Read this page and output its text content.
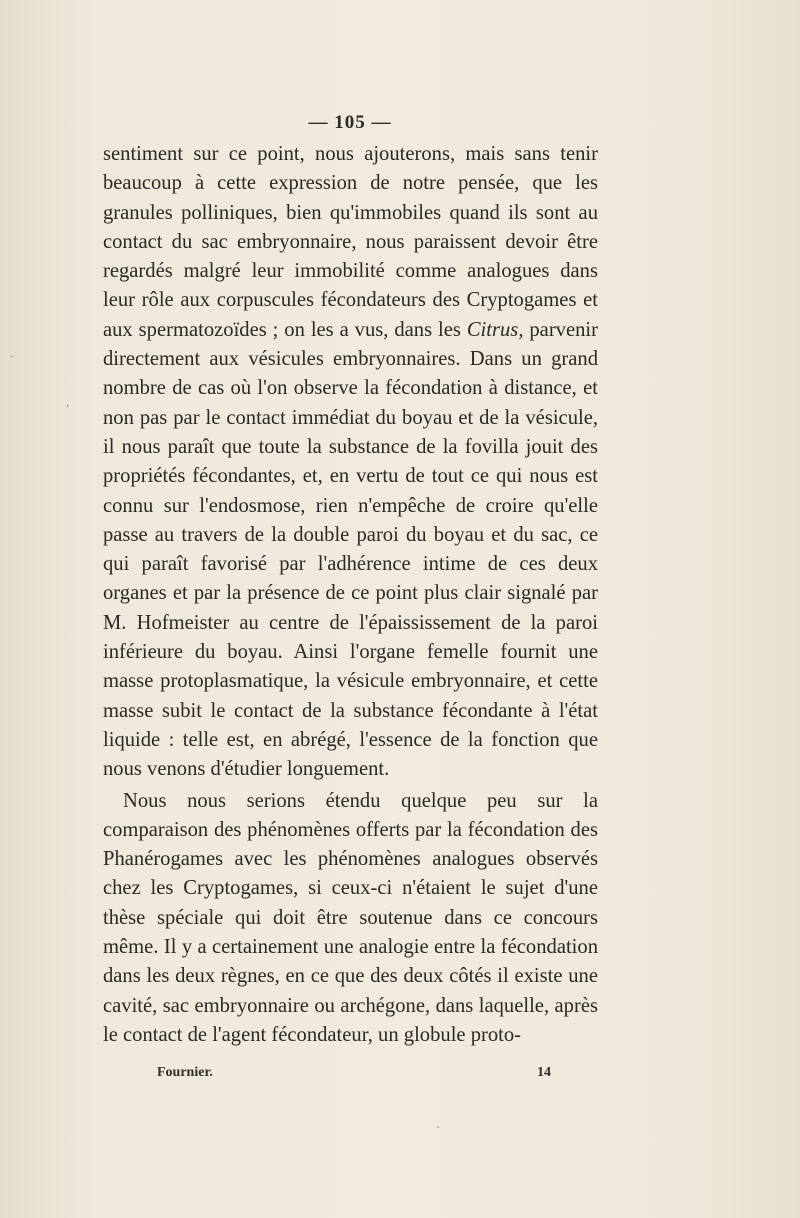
— 105 —

sentiment sur ce point, nous ajouterons, mais sans tenir beaucoup à cette expression de notre pensée, que les granules polliniques, bien qu'immobiles quand ils sont au contact du sac embryonnaire, nous paraissent devoir être regardés malgré leur immobilité comme analogues dans leur rôle aux corpuscules fécondateurs des Cryptogames et aux spermatozoïdes ; on les a vus, dans les Citrus, parvenir directement aux vésicules embryonnaires. Dans un grand nombre de cas où l'on observe la fécondation à distance, et non pas par le contact immédiat du boyau et de la vésicule, il nous paraît que toute la substance de la fovilla jouit des propriétés fécondantes, et, en vertu de tout ce qui nous est connu sur l'endosmose, rien n'empêche de croire qu'elle passe au travers de la double paroi du boyau et du sac, ce qui paraît favorisé par l'adhérence intime de ces deux organes et par la présence de ce point plus clair signalé par M. Hofmeister au centre de l'épaississement de la paroi inférieure du boyau. Ainsi l'organe femelle fournit une masse protoplasmatique, la vésicule embryonnaire, et cette masse subit le contact de la substance fécondante à l'état liquide : telle est, en abrégé, l'essence de la fonction que nous venons d'étudier longuement.

Nous nous serions étendu quelque peu sur la comparaison des phénomènes offerts par la fécondation des Phanérogames avec les phénomènes analogues observés chez les Cryptogames, si ceux-ci n'étaient le sujet d'une thèse spéciale qui doit être soutenue dans ce concours même. Il y a certainement une analogie entre la fécondation dans les deux règnes, en ce que des deux côtés il existe une cavité, sac embryonnaire ou archégone, dans laquelle, après le contact de l'agent fécondateur, un globule proto-

Fournier.	14
·
ʼ
ˋ
